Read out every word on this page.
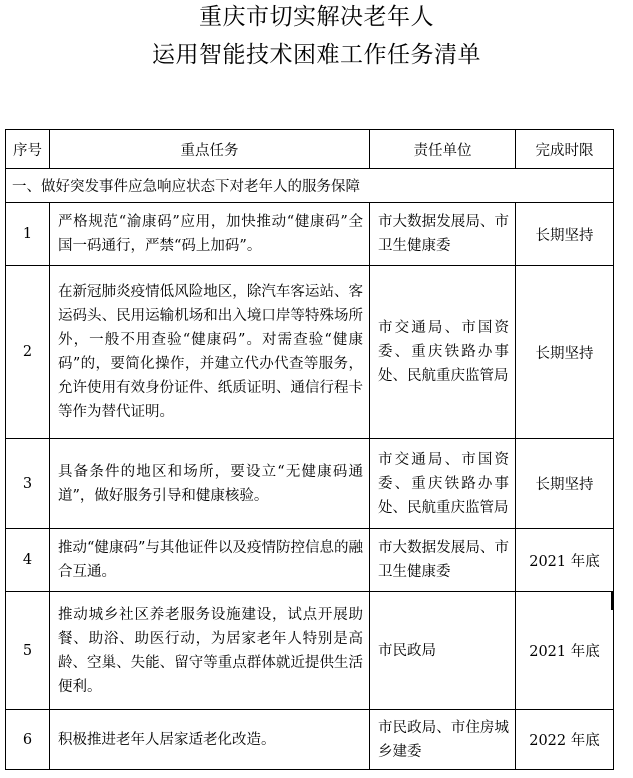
重庆市切实解决老年人
运用智能技术困难工作任务清单
序号	重点任务	责任单位	完成时限
一、做好突发事件应急响应状态下对老年人的服务保障			
1	严格规范“渝康码”应用，加快推动“健康码”全国一码通行，严禁“码上加码”。	市大数据发展局、市卫生健康委	长期坚持
2	在新冠肺炎疫情低风险地区，除汽车客运站、客运码头、民用运输机场和出入境口岸等特殊场所外，一般不用查验“健康码”。对需查验“健康码”的，要简化操作，并建立代办代查等服务，允许使用有效身份证件、纸质证明、通信行程卡等作为替代证明。	市交通局、市国资委、重庆铁路办事处、民航重庆监管局	长期坚持
3	具备条件的地区和场所，要设立“无健康码通道”，做好服务引导和健康核验。	市交通局、市国资委、重庆铁路办事处、民航重庆监管局	长期坚持
4	推动“健康码”与其他证件以及疫情防控信息的融合互通。	市大数据发展局、市卫生健康委	2021 年底
5	推动城乡社区养老服务设施建设，试点开展助餐、助浴、助医行动，为居家老年人特别是高龄、空巢、失能、留守等重点群体就近提供生活便利。	市民政局	2021 年底
6	积极推进老年人居家适老化改造。	市民政局、市住房城乡建委	2022 年底
